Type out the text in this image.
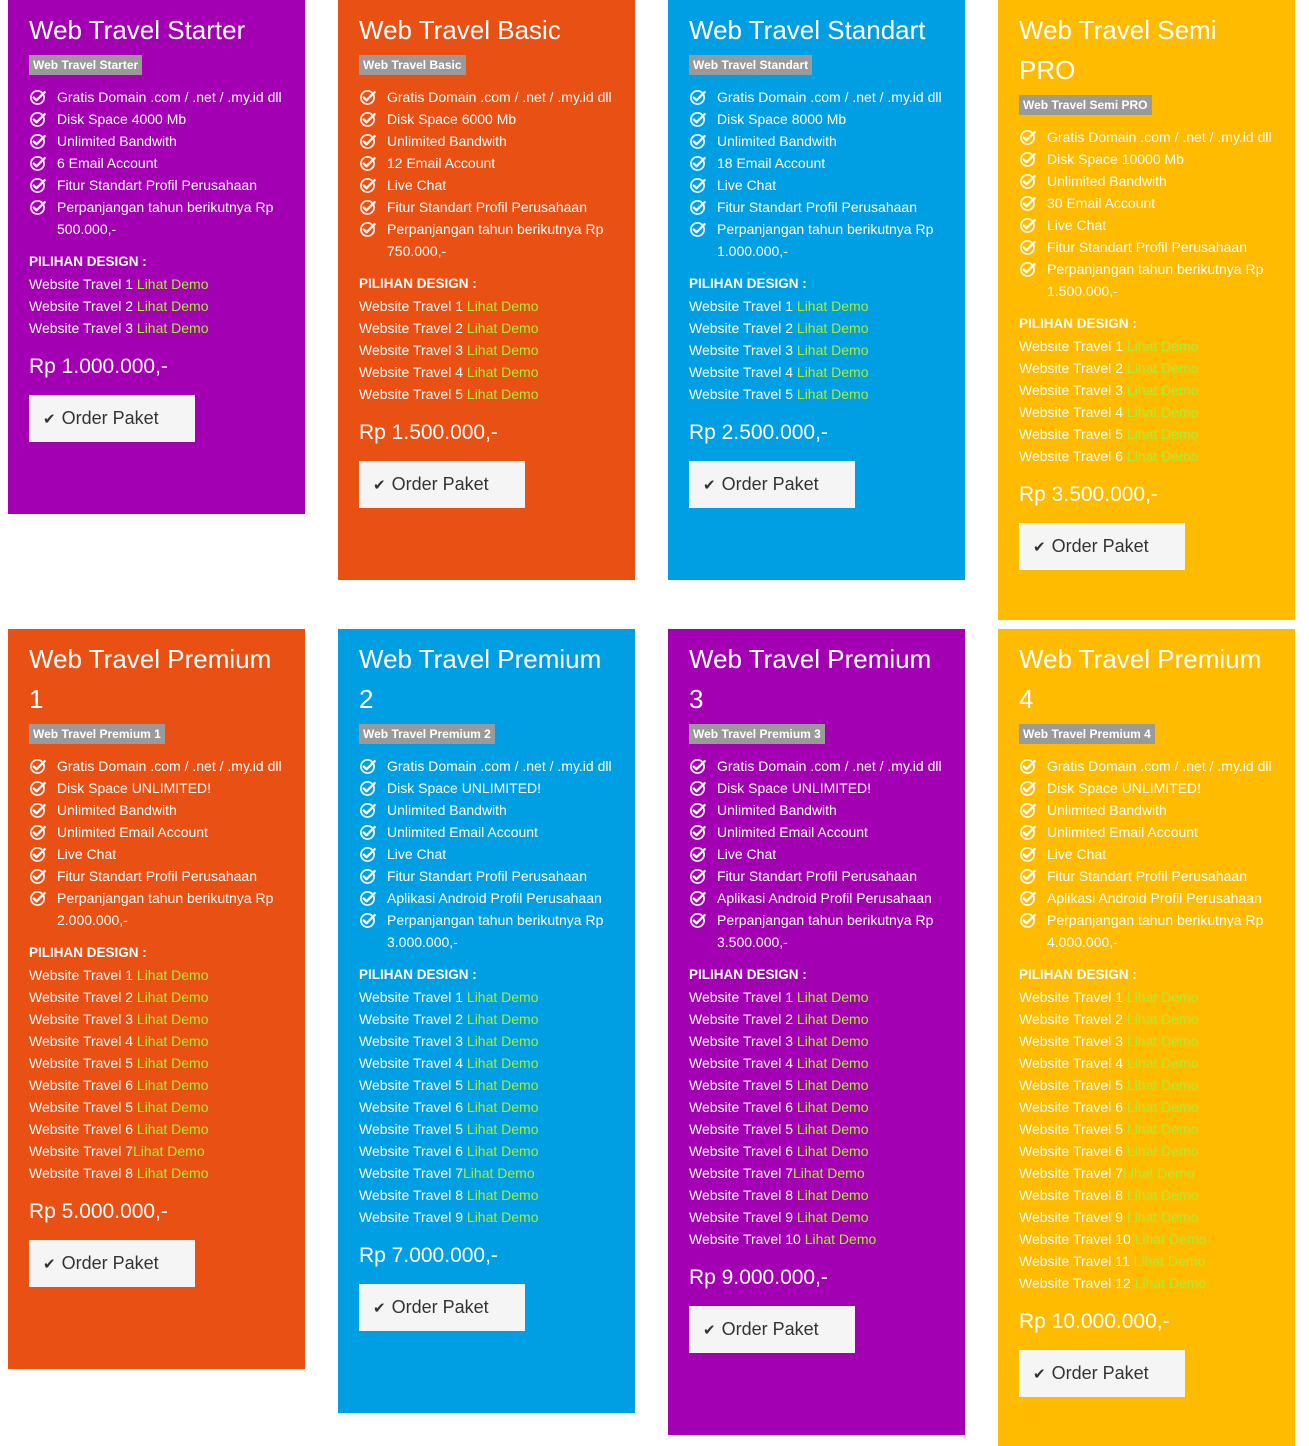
Web Travel Starter
Web Travel Starter
Gratis Domain .com / .net / .my.id dll
Disk Space 4000 Mb
Unlimited Bandwith
6 Email Account
Fitur Standart Profil Perusahaan
Perpanjangan tahun berikutnya Rp 500.000,-
PILIHAN DESIGN :
Website Travel 1 Lihat Demo
Website Travel 2 Lihat Demo
Website Travel 3 Lihat Demo
Rp 1.000.000,-
✔ Order Paket
Web Travel Basic
Web Travel Basic
Gratis Domain .com / .net / .my.id dll
Disk Space 6000 Mb
Unlimited Bandwith
12 Email Account
Live Chat
Fitur Standart Profil Perusahaan
Perpanjangan tahun berikutnya Rp 750.000,-
PILIHAN DESIGN :
Website Travel 1 Lihat Demo
Website Travel 2 Lihat Demo
Website Travel 3 Lihat Demo
Website Travel 4 Lihat Demo
Website Travel 5 Lihat Demo
Rp 1.500.000,-
✔ Order Paket
Web Travel Standart
Web Travel Standart
Gratis Domain .com / .net / .my.id dll
Disk Space 8000 Mb
Unlimited Bandwith
18 Email Account
Live Chat
Fitur Standart Profil Perusahaan
Perpanjangan tahun berikutnya Rp 1.000.000,-
PILIHAN DESIGN :
Website Travel 1 Lihat Demo
Website Travel 2 Lihat Demo
Website Travel 3 Lihat Demo
Website Travel 4 Lihat Demo
Website Travel 5 Lihat Demo
Rp 2.500.000,-
✔ Order Paket
Web Travel Semi PRO
Web Travel Semi PRO
Gratis Domain .com / .net / .my.id dll
Disk Space 10000 Mb
Unlimited Bandwith
30 Email Account
Live Chat
Fitur Standart Profil Perusahaan
Perpanjangan tahun berikutnya Rp 1.500.000,-
PILIHAN DESIGN :
Website Travel 1 Lihat Demo
Website Travel 2 Lihat Demo
Website Travel 3 Lihat Demo
Website Travel 4 Lihat Demo
Website Travel 5 Lihat Demo
Website Travel 6 Lihat Demo
Rp 3.500.000,-
✔ Order Paket
Web Travel Premium 1
Web Travel Premium 1
Gratis Domain .com / .net / .my.id dll
Disk Space UNLIMITED!
Unlimited Bandwith
Unlimited Email Account
Live Chat
Fitur Standart Profil Perusahaan
Perpanjangan tahun berikutnya Rp 2.000.000,-
PILIHAN DESIGN :
Website Travel 1 Lihat Demo
Website Travel 2 Lihat Demo
Website Travel 3 Lihat Demo
Website Travel 4 Lihat Demo
Website Travel 5 Lihat Demo
Website Travel 6 Lihat Demo
Website Travel 5 Lihat Demo
Website Travel 6 Lihat Demo
Website Travel 7Lihat Demo
Website Travel 8 Lihat Demo
Rp 5.000.000,-
✔ Order Paket
Web Travel Premium 2
Web Travel Premium 2
Gratis Domain .com / .net / .my.id dll
Disk Space UNLIMITED!
Unlimited Bandwith
Unlimited Email Account
Live Chat
Fitur Standart Profil Perusahaan
Aplikasi Android Profil Perusahaan
Perpanjangan tahun berikutnya Rp 3.000.000,-
PILIHAN DESIGN :
Website Travel 1 Lihat Demo
Website Travel 2 Lihat Demo
Website Travel 3 Lihat Demo
Website Travel 4 Lihat Demo
Website Travel 5 Lihat Demo
Website Travel 6 Lihat Demo
Website Travel 5 Lihat Demo
Website Travel 6 Lihat Demo
Website Travel 7Lihat Demo
Website Travel 8 Lihat Demo
Website Travel 9 Lihat Demo
Rp 7.000.000,-
✔ Order Paket
Web Travel Premium 3
Web Travel Premium 3
Gratis Domain .com / .net / .my.id dll
Disk Space UNLIMITED!
Unlimited Bandwith
Unlimited Email Account
Live Chat
Fitur Standart Profil Perusahaan
Aplikasi Android Profil Perusahaan
Perpanjangan tahun berikutnya Rp 3.500.000,-
PILIHAN DESIGN :
Website Travel 1 Lihat Demo
Website Travel 2 Lihat Demo
Website Travel 3 Lihat Demo
Website Travel 4 Lihat Demo
Website Travel 5 Lihat Demo
Website Travel 6 Lihat Demo
Website Travel 5 Lihat Demo
Website Travel 6 Lihat Demo
Website Travel 7Lihat Demo
Website Travel 8 Lihat Demo
Website Travel 9 Lihat Demo
Website Travel 10 Lihat Demo
Rp 9.000.000,-
✔ Order Paket
Web Travel Premium 4
Web Travel Premium 4
Gratis Domain .com / .net / .my.id dll
Disk Space UNLIMITED!
Unlimited Bandwith
Unlimited Email Account
Live Chat
Fitur Standart Profil Perusahaan
Aplikasi Android Profil Perusahaan
Perpanjangan tahun berikutnya Rp 4.000.000,-
PILIHAN DESIGN :
Website Travel 1 Lihat Demo
Website Travel 2 Lihat Demo
Website Travel 3 Lihat Demo
Website Travel 4 Lihat Demo
Website Travel 5 Lihat Demo
Website Travel 6 Lihat Demo
Website Travel 5 Lihat Demo
Website Travel 6 Lihat Demo
Website Travel 7Lihat Demo
Website Travel 8 Lihat Demo
Website Travel 9 Lihat Demo
Website Travel 10 Lihat Demo
Website Travel 11 Lihat Demo
Website Travel 12 Lihat Demo
Rp 10.000.000,-
✔ Order Paket
